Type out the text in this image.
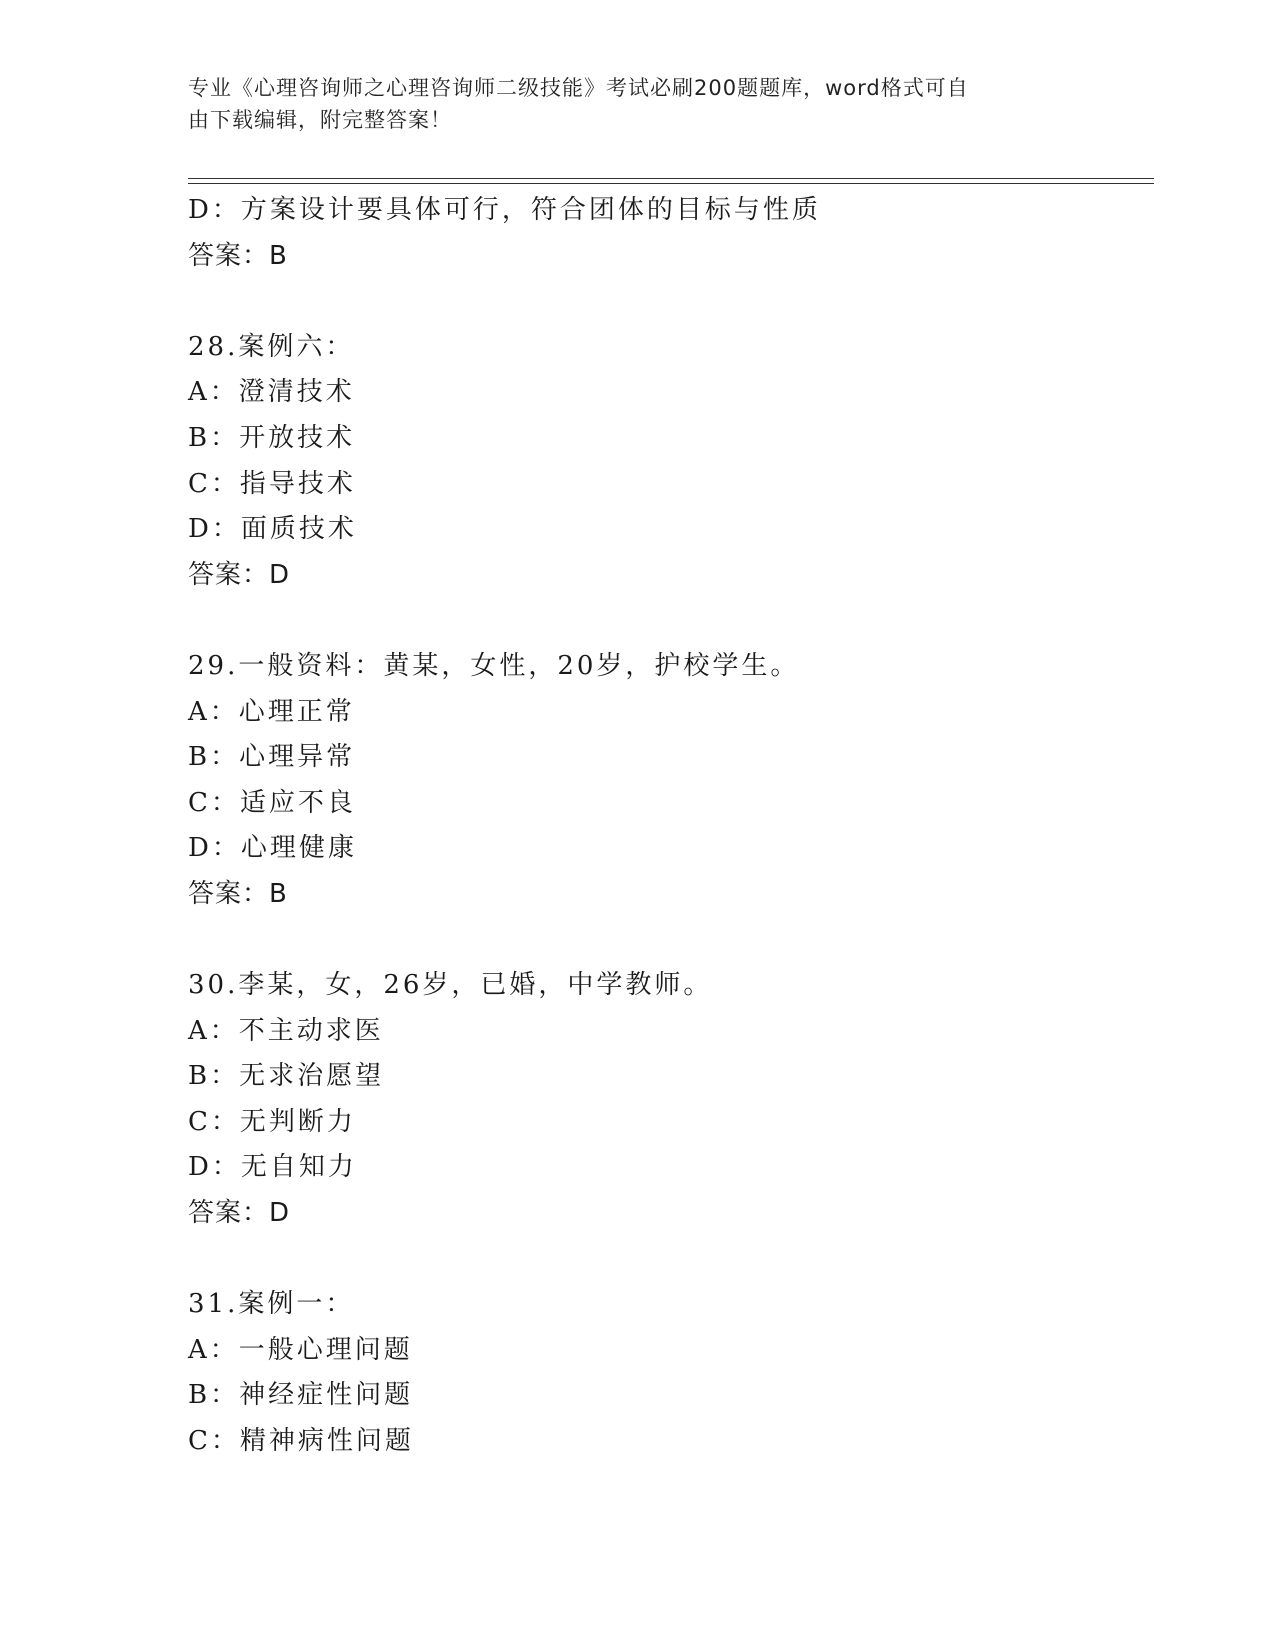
专业《心理咨询师之心理咨询师二级技能》考试必刷200题题库，word格式可自
由下载编辑，附完整答案！
D：方案设计要具体可行，符合团体的目标与性质
答案：B
28.案例六：
A：澄清技术
B：开放技术
C：指导技术
D：面质技术
答案：D
29.一般资料：黄某，女性，20岁，护校学生。
A：心理正常
B：心理异常
C：适应不良
D：心理健康
答案：B
30.李某，女，26岁，已婚，中学教师。
A：不主动求医
B：无求治愿望
C：无判断力
D：无自知力
答案：D
31.案例一：
A：一般心理问题
B：神经症性问题
C：精神病性问题
